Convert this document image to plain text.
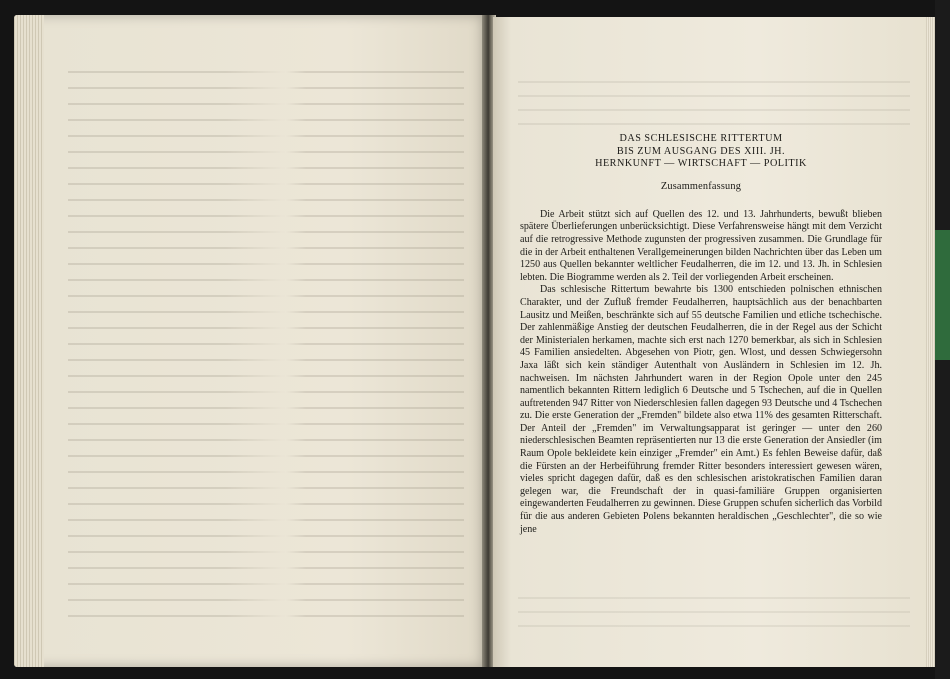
DAS SCHLESISCHE RITTERTUM
BIS ZUM AUSGANG DES XIII. JH.
HERNKUNFT — WIRTSCHAFT — POLITIK
Zusammenfassung

Die Arbeit stützt sich auf Quellen des 12. und 13. Jahrhunderts, bewußt blieben spätere Überlieferungen unberücksichtigt. Diese Verfahrensweise hängt mit dem Verzicht auf die retrogressive Methode zugunsten der progressiven zusammen. Die Grundlage für die in der Arbeit enthaltenen Verallgemeinerungen bilden Nachrichten über das Leben um 1250 aus Quellen bekannter weltlicher Feudalherren, die im 12. und 13. Jh. in Schlesien lebten. Die Biogramme werden als 2. Teil der vorliegenden Arbeit erscheinen.

Das schlesische Rittertum bewahrte bis 1300 entschieden polnischen ethnischen Charakter, und der Zufluß fremder Feudalherren, hauptsächlich aus der benachbarten Lausitz und Meißen, beschränkte sich auf 55 deutsche Familien und etliche tschechische. Der zahlenmäßige Anstieg der deutschen Feudalherren, die in der Regel aus der Schicht der Ministerialen herkamen, machte sich erst nach 1270 bemerkbar, als sich in Schlesien 45 Familien ansiedelten. Abgesehen von Piotr, gen. Wlost, und dessen Schwiegersohn Jaxa läßt sich kein ständiger Autenthalt von Ausländern in Schlesien im 12. Jh. nachweisen. Im nächsten Jahrhundert waren in der Region Opole unter den 245 namentlich bekannten Rittern lediglich 6 Deutsche und 5 Tschechen, auf die in Quellen auftretenden 947 Ritter von Niederschlesien fallen dagegen 93 Deutsche und 4 Tschechen zu. Die erste Generation der „Fremden" bildete also etwa 11% des gesamten Ritterschaft. Der Anteil der „Fremden" im Verwaltungsapparat ist geringer — unter den 260 niederschlesischen Beamten repräsentierten nur 13 die erste Generation der Ansiedler (im Raum Opole bekleidete kein einziger „Fremder" ein Amt.) Es fehlen Beweise dafür, daß die Fürsten an der Herbeiführung fremder Ritter besonders interessiert gewesen wären, vieles spricht dagegen dafür, daß es den schlesischen aristokratischen Familien daran gelegen war, die Freundschaft der in quasi-familiäre Gruppen organisierten eingewanderten Feudalherren zu gewinnen. Diese Gruppen schufen sicherlich das Vorbild für die aus anderen Gebieten Polens bekannten heraldischen „Geschlechter", die so wie jene
